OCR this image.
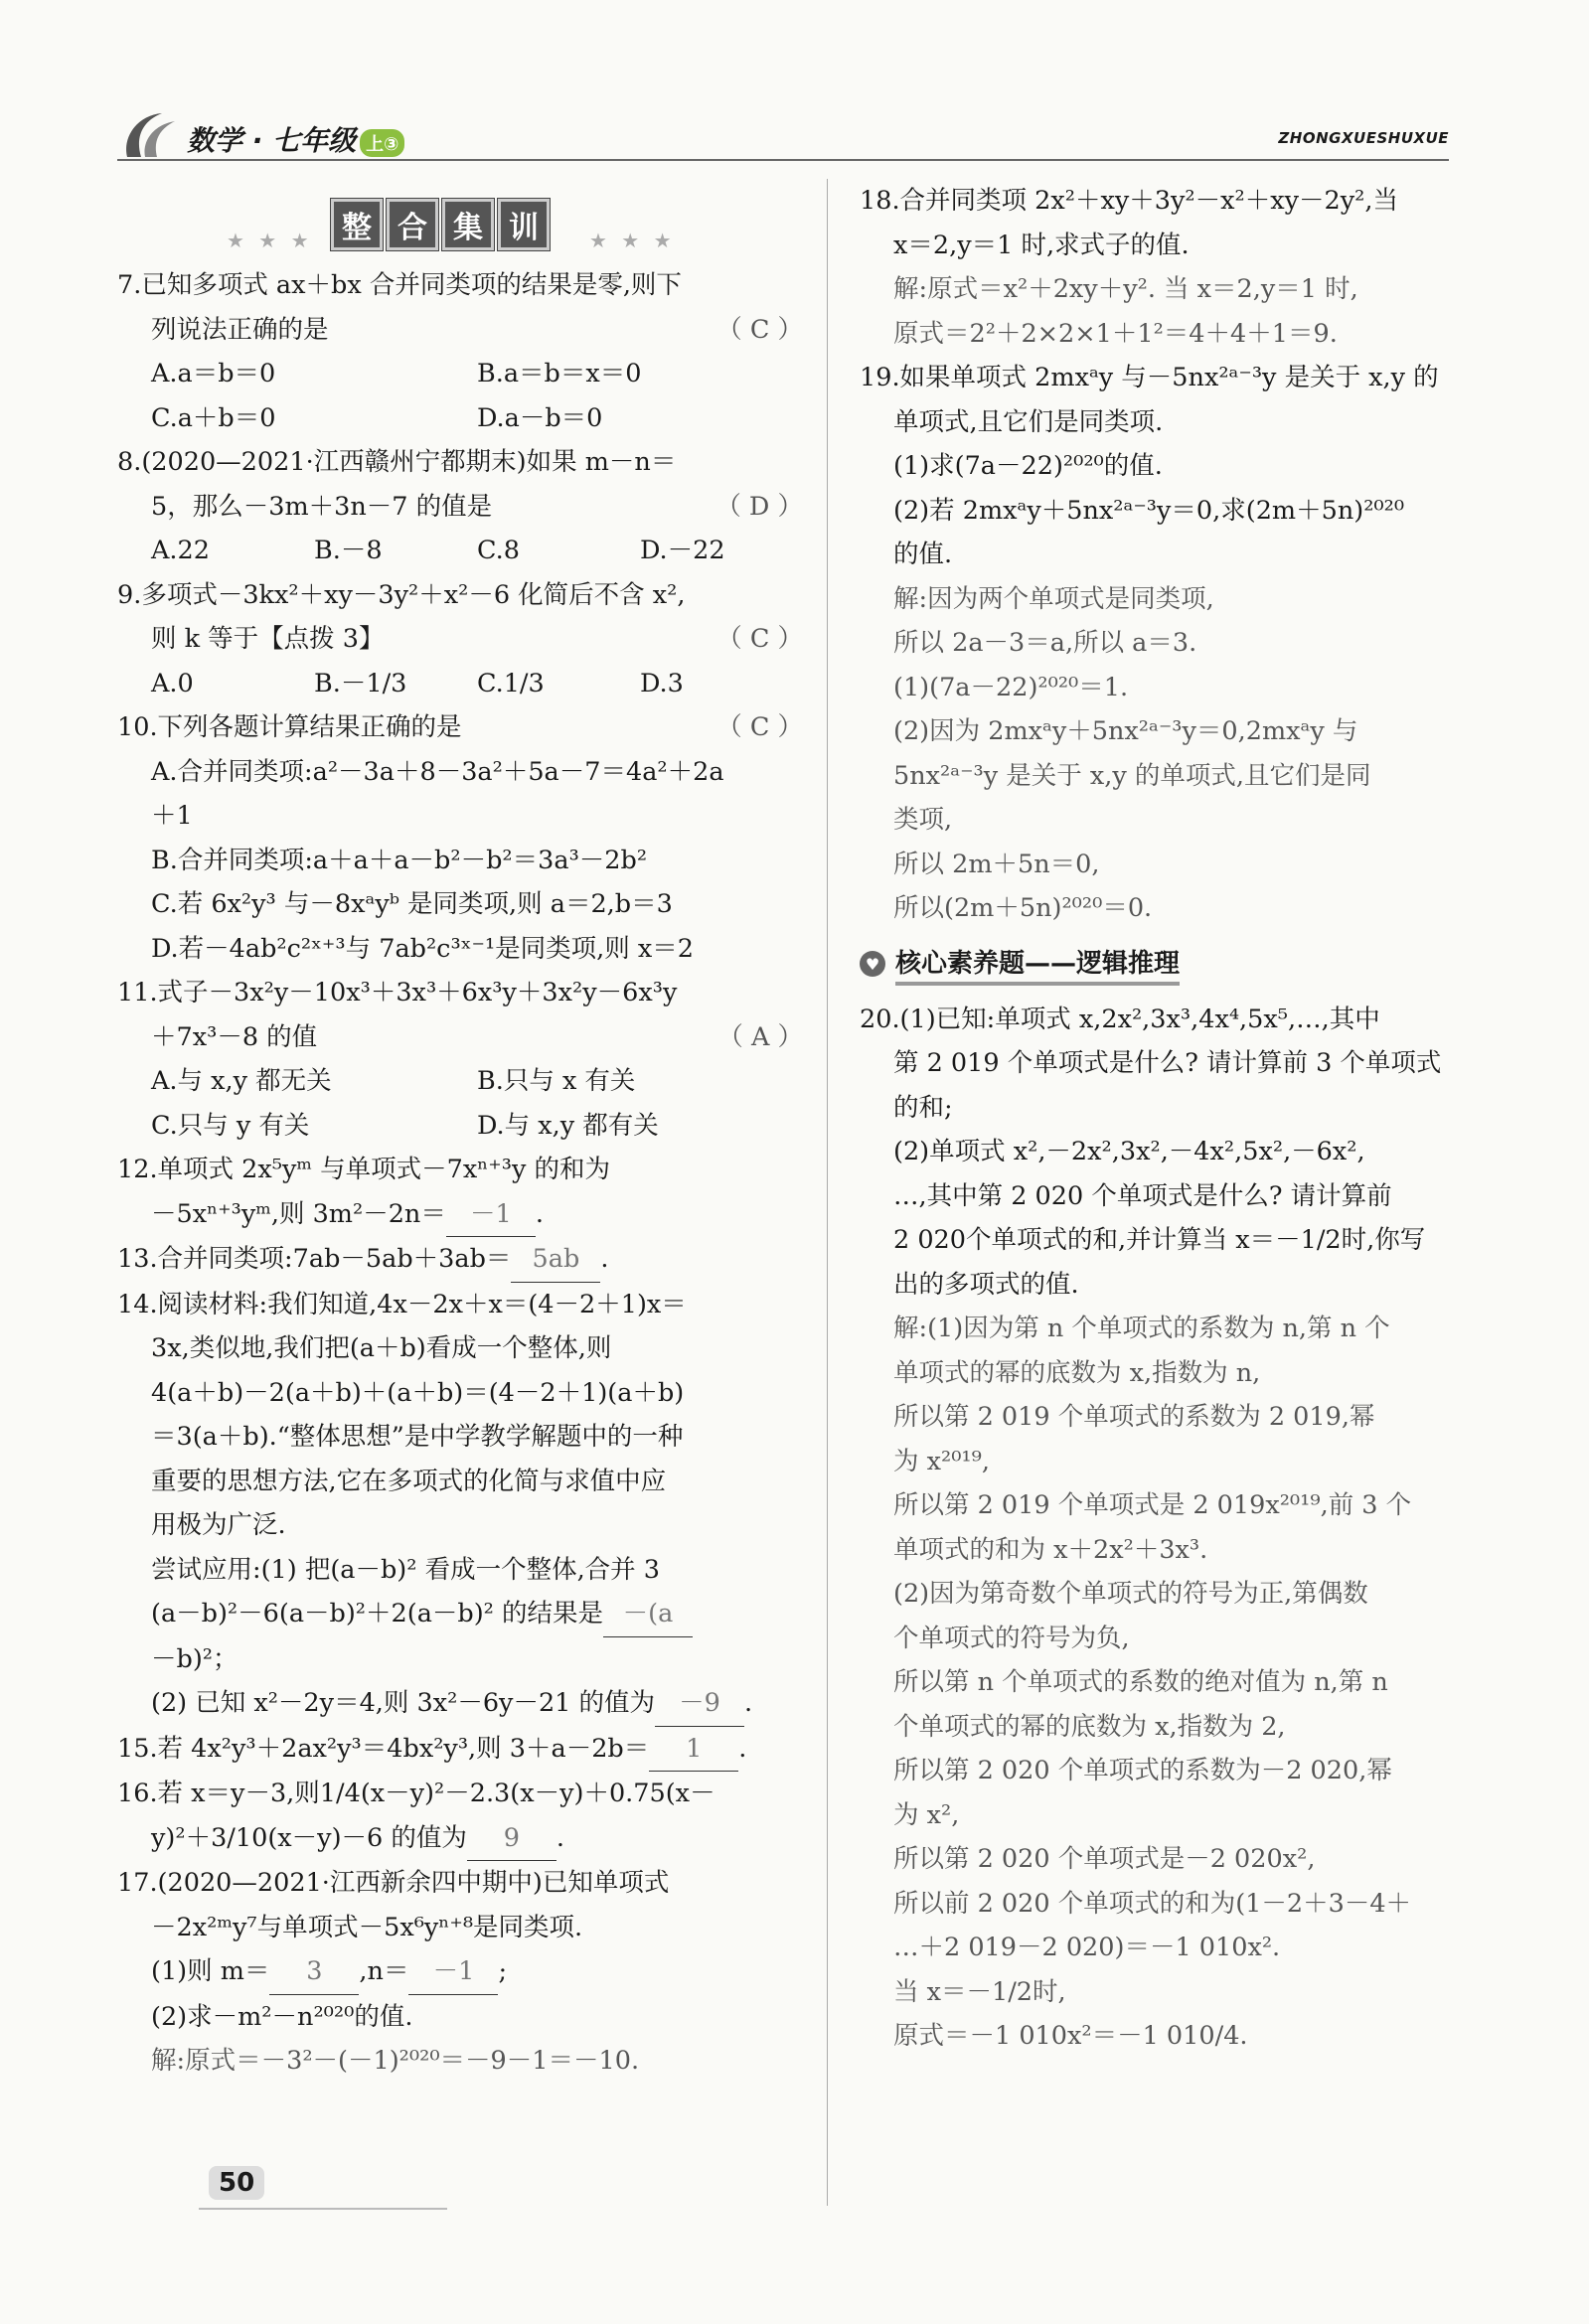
数学 · 七年级 上③	ZHONGXUESHUXUE
★ ★ ★ 整 合 集 训	★ ★ ★
7.已知多项式 ax＋bx 合并同类项的结果是零,则下
列说法正确的是	（ C ）
A.a＝b＝0	B.a＝b＝x＝0
C.a＋b＝0	D.a－b＝0
8.(2020—2021·江西赣州宁都期末)如果 m－n＝
5，那么－3m＋3n－7 的值是	（ D ）
A.22	B.－8	C.8	D.－22
9.多项式－3kx²＋xy－3y²＋x²－6 化简后不含 x²,
则 k 等于【点拨 3】	（ C ）
A.0	B.－1/3	C.1/3	D.3
10.下列各题计算结果正确的是	（ C ）
A.合并同类项:a²－3a＋8－3a²＋5a－7＝4a²＋2a
＋1
B.合并同类项:a＋a＋a－b²－b²＝3a³－2b²
C.若 6x²y³ 与－8xᵃyᵇ 是同类项,则 a＝2,b＝3
D.若－4ab²c²ˣ⁺³与 7ab²c³ˣ⁻¹是同类项,则 x＝2
11.式子－3x²y－10x³＋3x³＋6x³y＋3x²y－6x³y
＋7x³－8 的值	（ A ）
A.与 x,y 都无关	B.只与 x 有关
C.只与 y 有关	D.与 x,y 都有关
12.单项式 2x⁵yᵐ 与单项式－7xⁿ⁺³y 的和为
－5xⁿ⁺³yᵐ,则 3m²－2n＝ －1 .
13.合并同类项:7ab－5ab＋3ab＝ 5ab .
14.阅读材料:我们知道,4x－2x＋x＝(4－2＋1)x＝
3x,类似地,我们把(a＋b)看成一个整体,则
4(a＋b)－2(a＋b)＋(a＋b)＝(4－2＋1)(a＋b)
＝3(a＋b).“整体思想”是中学教学解题中的一种
重要的思想方法,它在多项式的化简与求值中应
用极为广泛.
尝试应用:(1) 把(a－b)² 看成一个整体,合并 3
(a－b)²－6(a－b)²＋2(a－b)² 的结果是 －(a
－b)²；
(2) 已知 x²－2y＝4,则 3x²－6y－21 的值为 －9 .
15.若 4x²y³＋2ax²y³＝4bx²y³,则 3＋a－2b＝ 1 .
16.若 x＝y－3,则1/4(x－y)²－2.3(x－y)＋0.75(x－
y)²＋3/10(x－y)－6 的值为 9 .
17.(2020—2021·江西新余四中期中)已知单项式
－2x²ᵐy⁷与单项式－5x⁶yⁿ⁺⁸是同类项.
(1)则 m＝ 3 ,n＝ －1 ;
(2)求－m²－n²⁰²⁰的值.
解:原式＝－3²－(－1)²⁰²⁰＝－9－1＝－10.
18.合并同类项 2x²＋xy＋3y²－x²＋xy－2y²,当
x＝2,y＝1 时,求式子的值.
解:原式＝x²＋2xy＋y². 当 x＝2,y＝1 时,
原式＝2²＋2×2×1＋1²＝4＋4＋1＝9.
19.如果单项式 2mxᵃy 与－5nx²ᵃ⁻³y 是关于 x,y 的
单项式,且它们是同类项.
(1)求(7a－22)²⁰²⁰的值.
(2)若 2mxᵃy＋5nx²ᵃ⁻³y＝0,求(2m＋5n)²⁰²⁰
的值.
解:因为两个单项式是同类项,
所以 2a－3＝a,所以 a＝3.
(1)(7a－22)²⁰²⁰＝1.
(2)因为 2mxᵃy＋5nx²ᵃ⁻³y＝0,2mxᵃy 与
5nx²ᵃ⁻³y 是关于 x,y 的单项式,且它们是同
类项,
所以 2m＋5n＝0,
所以(2m＋5n)²⁰²⁰＝0.
♥ 核心素养题——逻辑推理
20.(1)已知:单项式 x,2x²,3x³,4x⁴,5x⁵,…,其中
第 2 019 个单项式是什么? 请计算前 3 个单项式
的和;
(2)单项式 x²,－2x²,3x²,－4x²,5x²,－6x²,
…,其中第 2 020 个单项式是什么? 请计算前
2 020个单项式的和,并计算当 x＝－1/2时,你写
出的多项式的值.
解:(1)因为第 n 个单项式的系数为 n,第 n 个
单项式的幂的底数为 x,指数为 n,
所以第 2 019 个单项式的系数为 2 019,幂
为 x²⁰¹⁹,
所以第 2 019 个单项式是 2 019x²⁰¹⁹,前 3 个
单项式的和为 x＋2x²＋3x³.
(2)因为第奇数个单项式的符号为正,第偶数
个单项式的符号为负,
所以第 n 个单项式的系数的绝对值为 n,第 n
个单项式的幂的底数为 x,指数为 2,
所以第 2 020 个单项式的系数为－2 020,幂
为 x²,
所以第 2 020 个单项式是－2 020x²,
所以前 2 020 个单项式的和为(1－2＋3－4＋
…＋2 019－2 020)＝－1 010x².
当 x＝－1/2时,
原式＝－1 010x²＝－1 010/4.
50
